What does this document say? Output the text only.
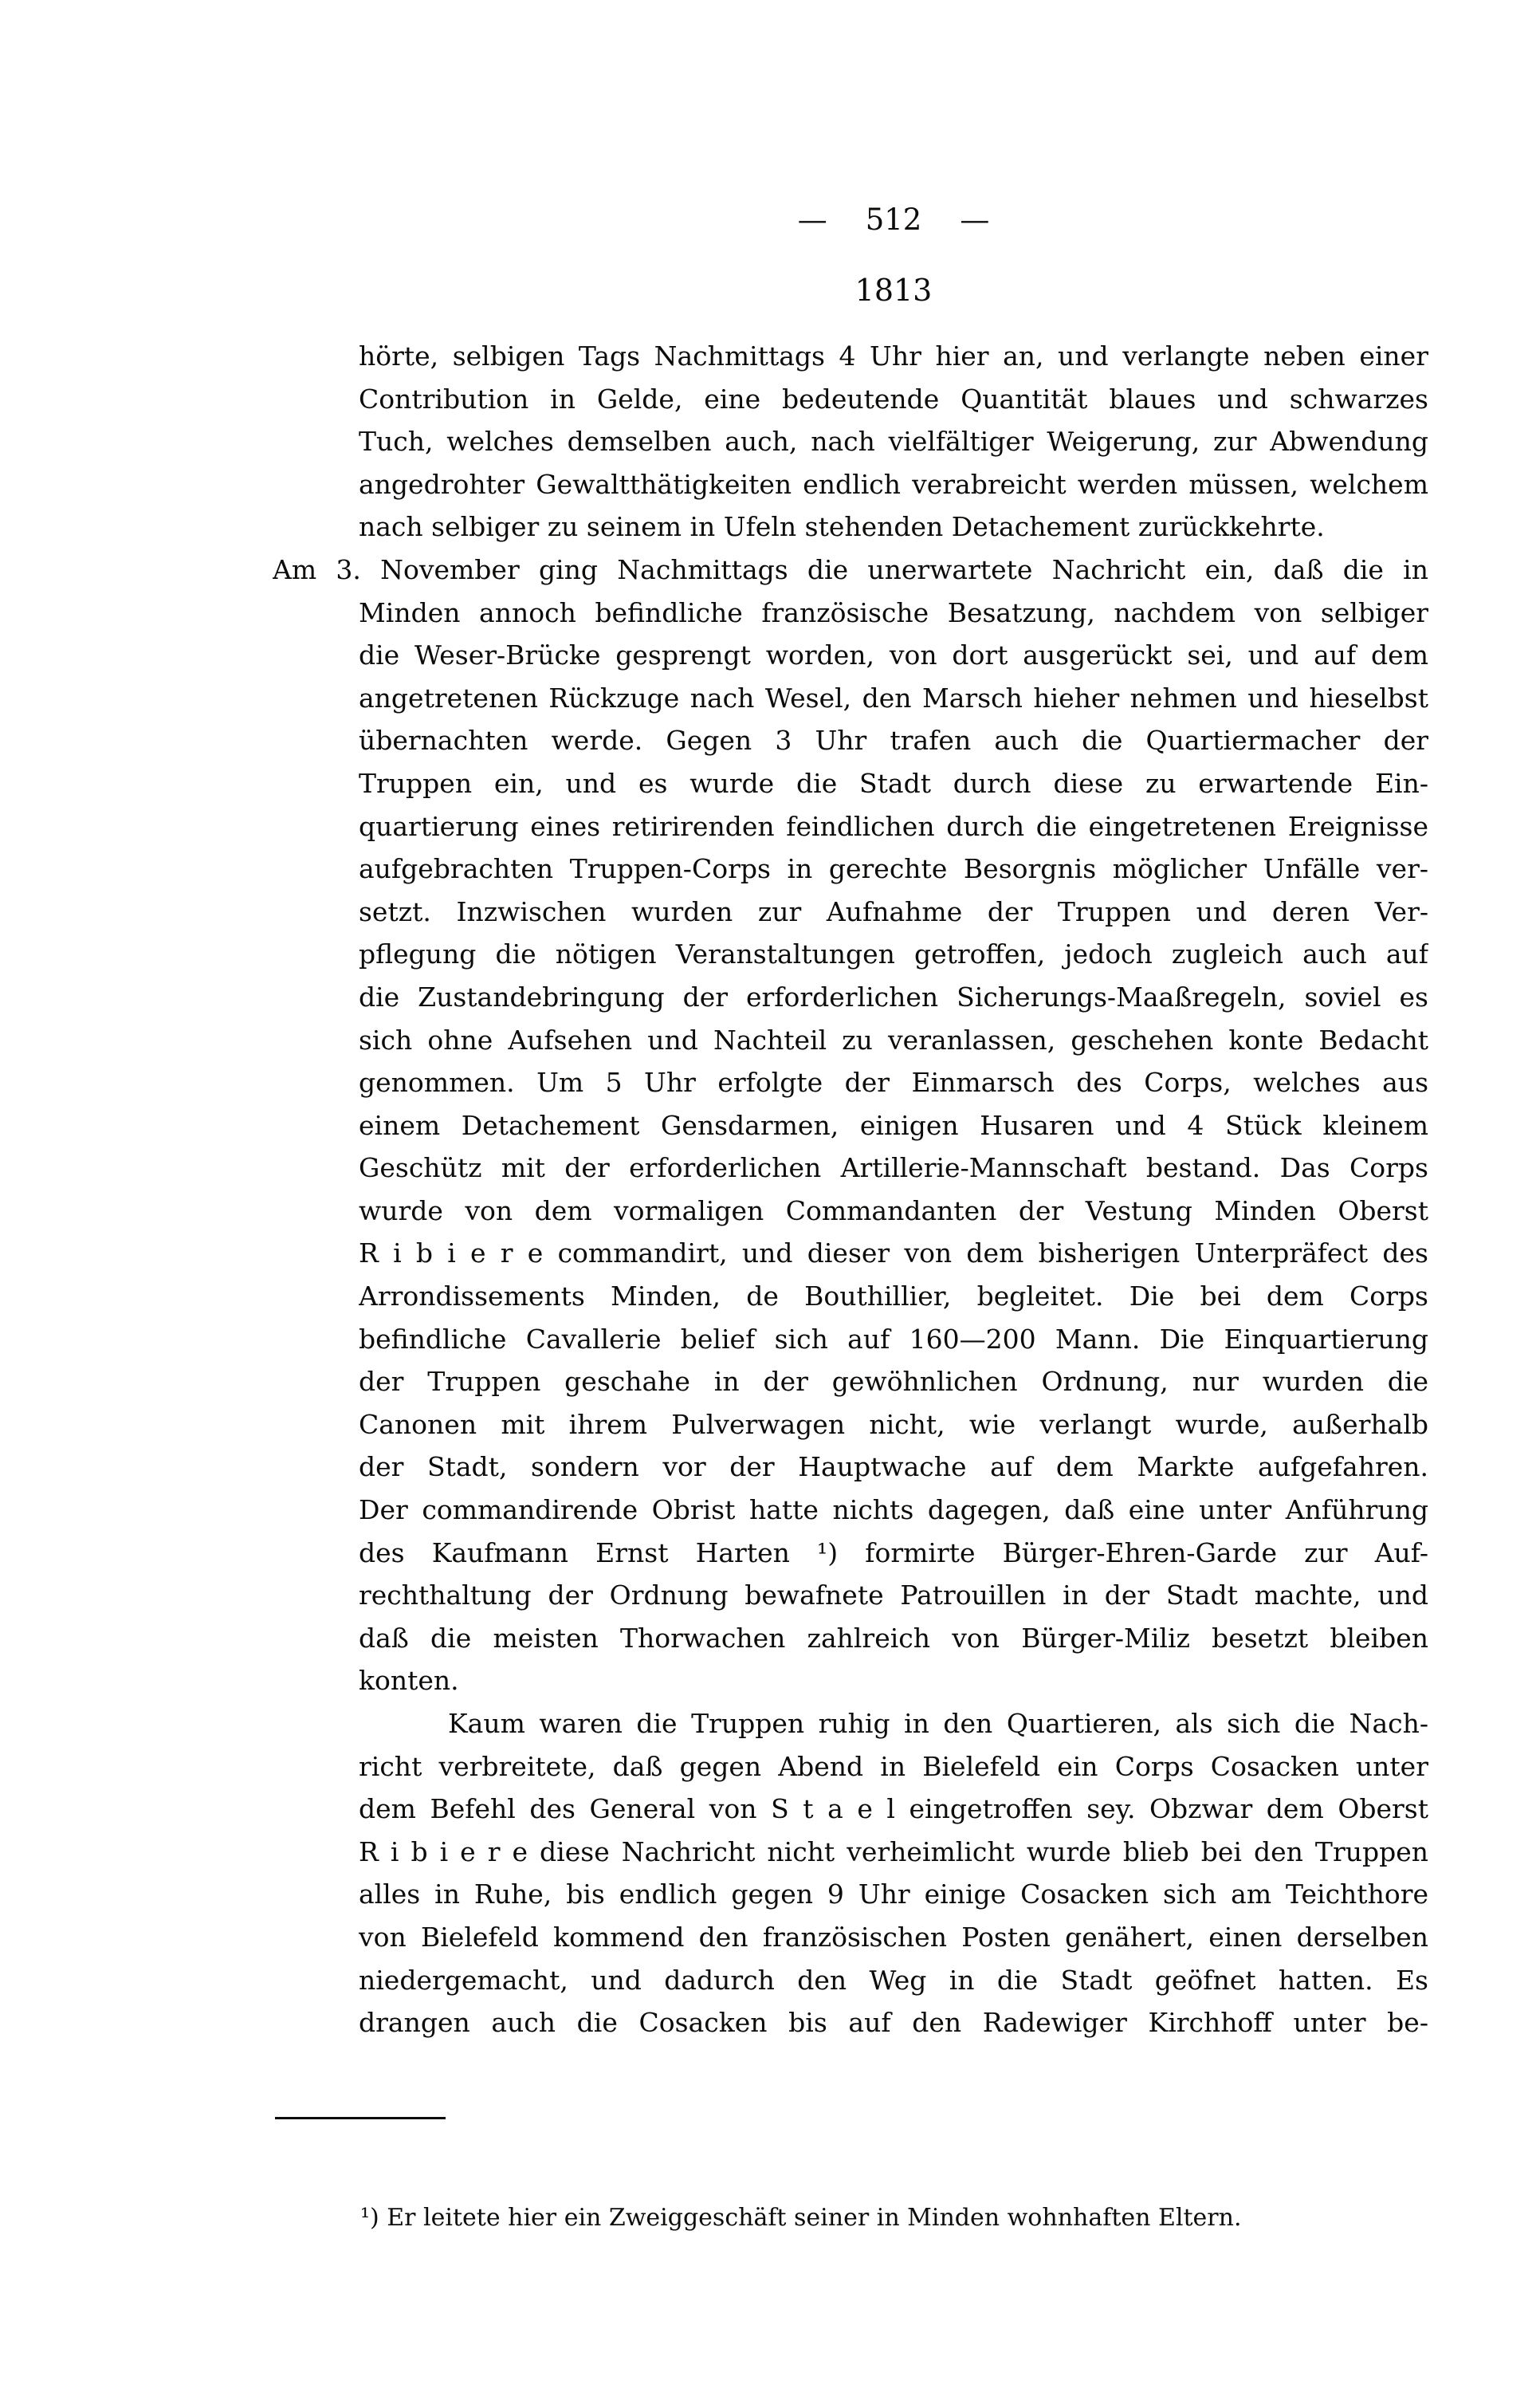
— 512 —
1813
hörte, selbigen Tags Nachmittags 4 Uhr hier an, und verlangte neben einer
Contribution in Gelde, eine bedeutende Quantität blaues und schwarzes
Tuch, welches demselben auch, nach vielfältiger Weigerung, zur Abwendung
angedrohter Gewaltthätigkeiten endlich verabreicht werden müssen, welchem
nach selbiger zu seinem in Ufeln stehenden Detachement zurückkehrte.
Am 3. November ging Nachmittags die unerwartete Nachricht ein, daß die in
Minden annoch befindliche französische Besatzung, nachdem von selbiger
die Weser-Brücke gesprengt worden, von dort ausgerückt sei, und auf dem
angetretenen Rückzuge nach Wesel, den Marsch hieher nehmen und hieselbst
übernachten werde. Gegen 3 Uhr trafen auch die Quartiermacher der
Truppen ein, und es wurde die Stadt durch diese zu erwartende Ein-
quartierung eines retirirenden feindlichen durch die eingetretenen Ereignisse
aufgebrachten Truppen-Corps in gerechte Besorgnis möglicher Unfälle ver-
setzt. Inzwischen wurden zur Aufnahme der Truppen und deren Ver-
pflegung die nötigen Veranstaltungen getroffen, jedoch zugleich auch auf
die Zustandebringung der erforderlichen Sicherungs-Maaßregeln, soviel es
sich ohne Aufsehen und Nachteil zu veranlassen, geschehen konte Bedacht
genommen. Um 5 Uhr erfolgte der Einmarsch des Corps, welches aus
einem Detachement Gensdarmen, einigen Husaren und 4 Stück kleinem
Geschütz mit der erforderlichen Artillerie-Mannschaft bestand. Das Corps
wurde von dem vormaligen Commandanten der Vestung Minden Oberst
R i b i e r e commandirt, und dieser von dem bisherigen Unterpräfect des
Arrondissements Minden, de Bouthillier, begleitet. Die bei dem Corps
befindliche Cavallerie belief sich auf 160—200 Mann. Die Einquartierung
der Truppen geschahe in der gewöhnlichen Ordnung, nur wurden die
Canonen mit ihrem Pulverwagen nicht, wie verlangt wurde, außerhalb
der Stadt, sondern vor der Hauptwache auf dem Markte aufgefahren.
Der commandirende Obrist hatte nichts dagegen, daß eine unter Anführung
des Kaufmann Ernst Harten ¹) formirte Bürger-Ehren-Garde zur Auf-
rechthaltung der Ordnung bewafnete Patrouillen in der Stadt machte, und
daß die meisten Thorwachen zahlreich von Bürger-Miliz besetzt bleiben
konten.
Kaum waren die Truppen ruhig in den Quartieren, als sich die Nach-
richt verbreitete, daß gegen Abend in Bielefeld ein Corps Cosacken unter
dem Befehl des General von S t a e l eingetroffen sey. Obzwar dem Oberst
R i b i e r e diese Nachricht nicht verheimlicht wurde blieb bei den Truppen
alles in Ruhe, bis endlich gegen 9 Uhr einige Cosacken sich am Teichthore
von Bielefeld kommend den französischen Posten genähert, einen derselben
niedergemacht, und dadurch den Weg in die Stadt geöfnet hatten. Es
drangen auch die Cosacken bis auf den Radewiger Kirchhoff unter be-
¹) Er leitete hier ein Zweiggeschäft seiner in Minden wohnhaften Eltern.
